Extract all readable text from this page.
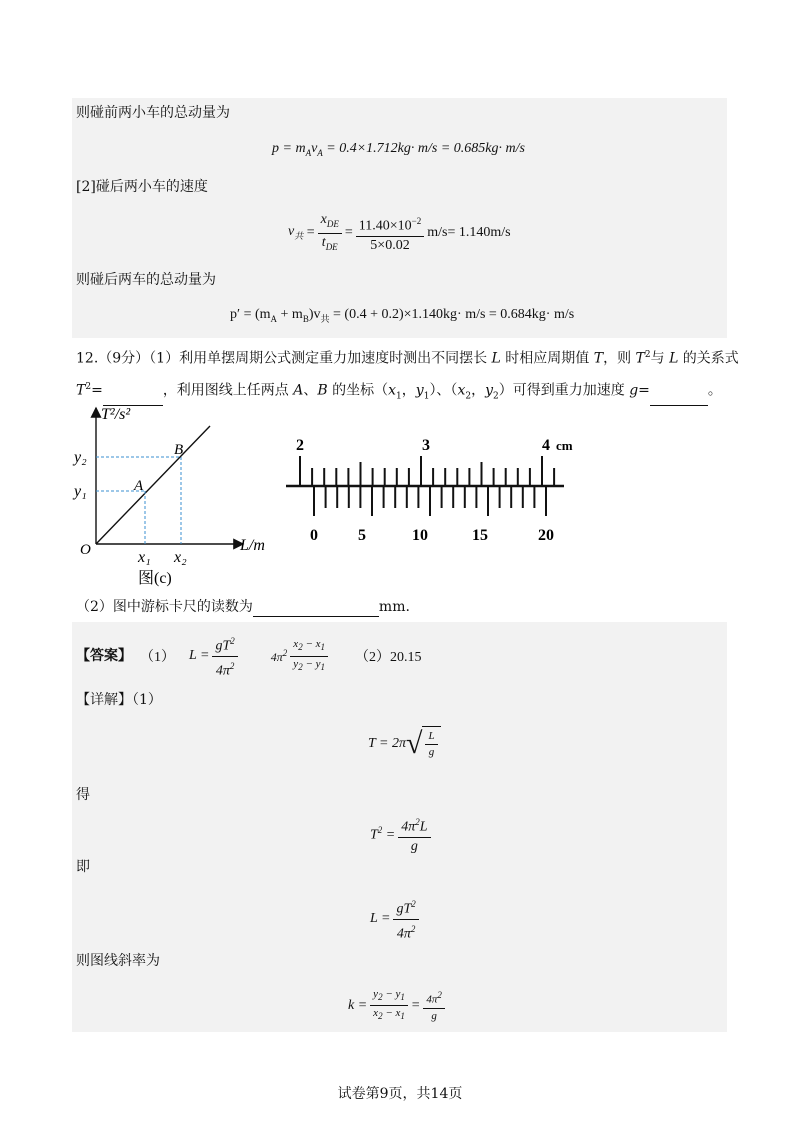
则碰前两小车的总动量为
$p = m_Av_A = 0.4\times 1.712kg\cdot m/s = 0.685kg\cdot m/s$
[2]碰后两小车的速度
$v_共 = \frac{x_{DE}}{t_{DE}} = \frac{11.40\times 10^{-2}}{5\times 0.02} m/s= 1.140m/s$
则碰后两车的总动量为
$p' = (m_A + m_B)v_共 = (0.4 + 0.2)\times 1.140kg\cdot m/s = 0.684kg\cdot m/s$
12.（9分）（1）利用单摆周期公式测定重力加速度时测出不同摆长 L 时相应周期值 T，则 $T^2$与 L 的关系式
$T^2=$	，利用图线上任两点 A、B 的坐标（$x_1$，$y_1$）、（$x_2$，$y_2$）可得到重力加速度 g=	。
T²/s²
L/m
O
A
B
y₂
y₁
x₁ x₂
图(c)
2	3	4 cm
0	5	10	15	20
（2）图中游标卡尺的读数为	mm.
【答案】 （1） $L = \frac{gT^2}{4\pi^2}$	$4\pi^2 \frac{x_2 - x_1}{y_2 - y_1} (2)20.15$
【详解】（1）
T = 2π √ $\frac{L}{g}$
得
$T^2 = \frac{4\pi^2L}{g}$
即
$L = \frac{gT^2}{4\pi^2}$
则图线斜率为
$k = \frac{y_2 - y_1}{x_2 - x_1} = \frac{4\pi^2}{g}$
试卷第9页，共14页
